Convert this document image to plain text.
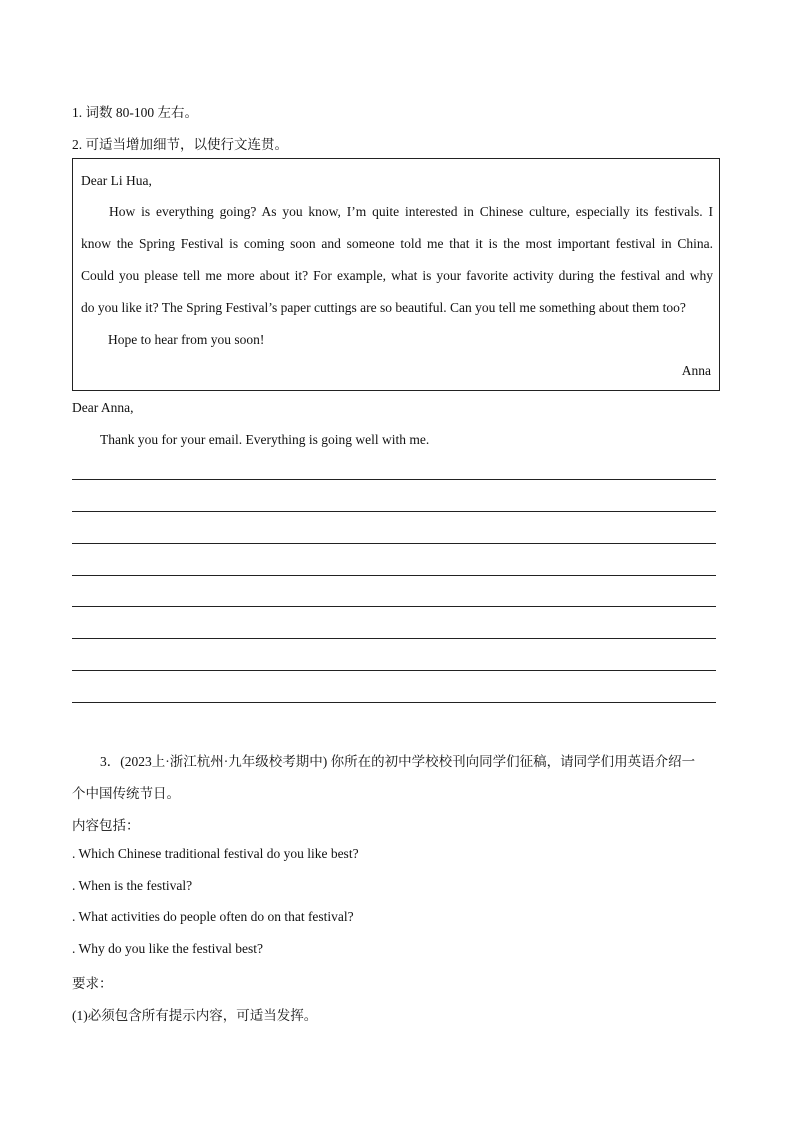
1. 词数 80-100 左右。
2. 可适当增加细节，以使行文连贯。
Dear Li Hua,
How is everything going? As you know, I’m quite interested in Chinese culture, especially its festivals. I
know the Spring Festival is coming soon and someone told me that it is the most important festival in China.
Could you please tell me more about it? For example, what is your favorite activity during the festival and why
do you like it? The Spring Festival’s paper cuttings are so beautiful. Can you tell me something about them too?
Hope to hear from you soon!
Anna
Dear Anna,
Thank you for your email. Everything is going well with me.
3．(2023上·浙江杭州·九年级校考期中) 你所在的初中学校校刊向同学们征稿，请同学们用英语介绍一
个中国传统节日。
内容包括：
. Which Chinese traditional festival do you like best?
. When is the festival?
. What activities do people often do on that festival?
. Why do you like the festival best?
要求：
(1)必须包含所有提示内容，可适当发挥。
